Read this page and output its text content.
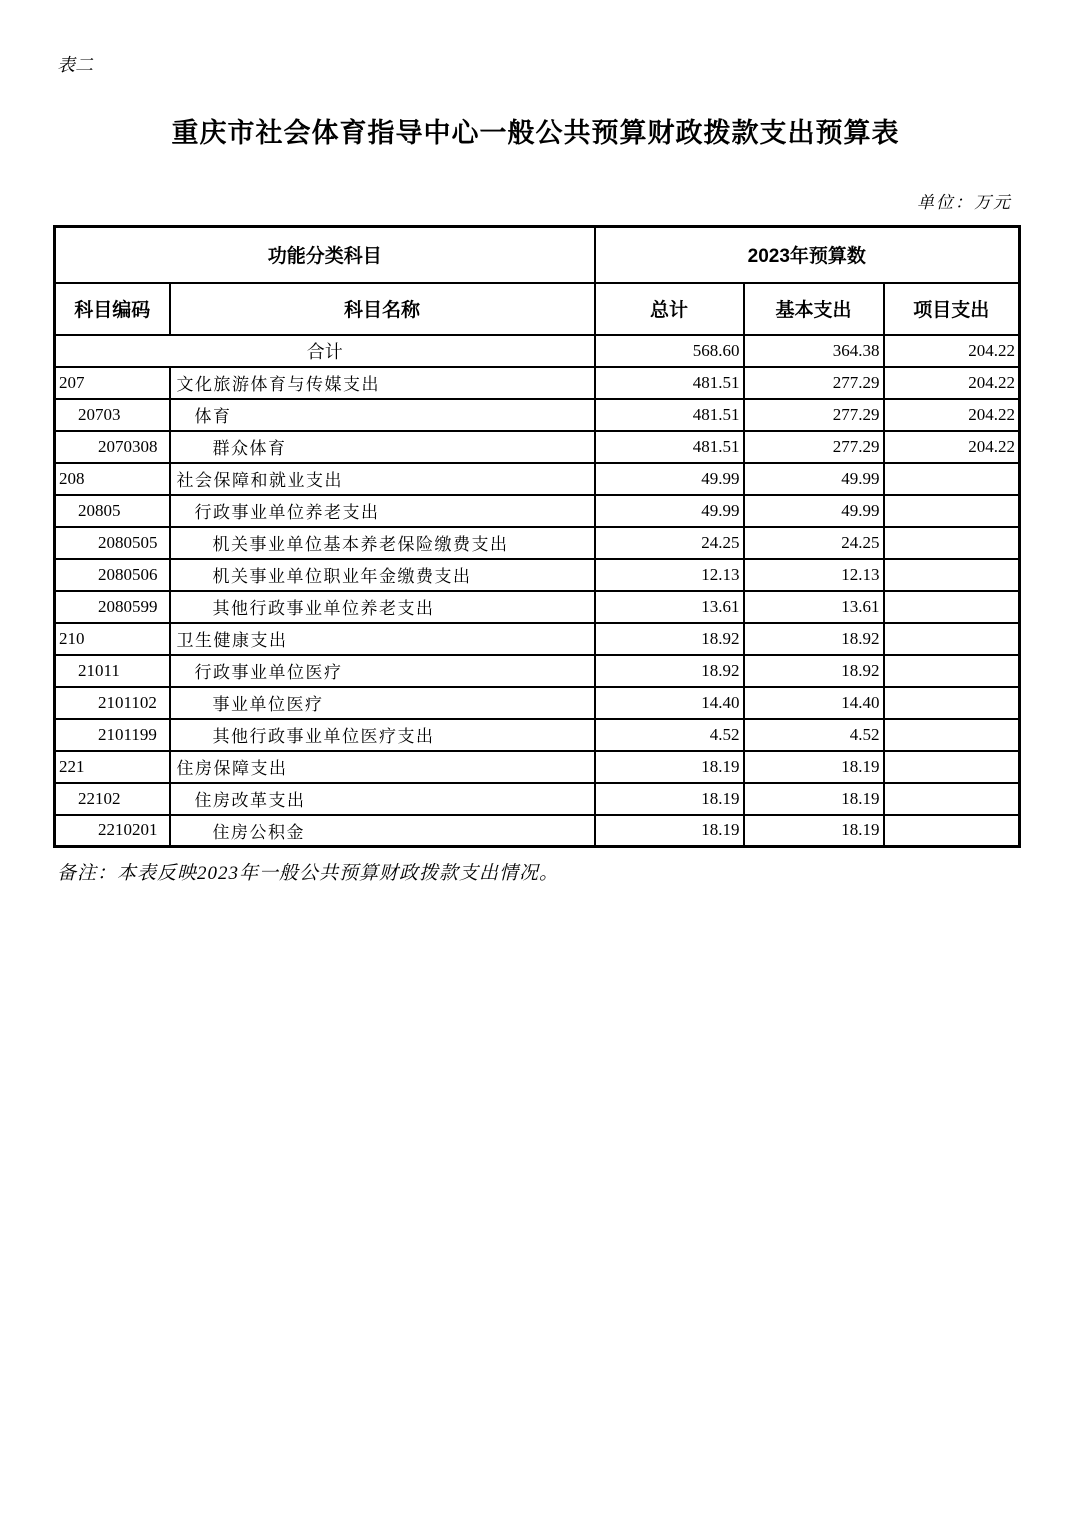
表二
重庆市社会体育指导中心一般公共预算财政拨款支出预算表
单位：万元
功能分类科目		2023年预算数		
科目编码	科目名称	总计	基本支出	项目支出
合计		568.60	364.38	204.22
207	文化旅游体育与传媒支出	481.51	277.29	204.22
20703	体育	481.51	277.29	204.22
2070308	群众体育	481.51	277.29	204.22
208	社会保障和就业支出	49.99	49.99	
20805	行政事业单位养老支出	49.99	49.99	
2080505	机关事业单位基本养老保险缴费支出	24.25	24.25	
2080506	机关事业单位职业年金缴费支出	12.13	12.13	
2080599	其他行政事业单位养老支出	13.61	13.61	
210	卫生健康支出	18.92	18.92	
21011	行政事业单位医疗	18.92	18.92	
2101102	事业单位医疗	14.40	14.40	
2101199	其他行政事业单位医疗支出	4.52	4.52	
221	住房保障支出	18.19	18.19	
22102	住房改革支出	18.19	18.19	
2210201	住房公积金	18.19	18.19	
备注：本表反映2023年一般公共预算财政拨款支出情况。
